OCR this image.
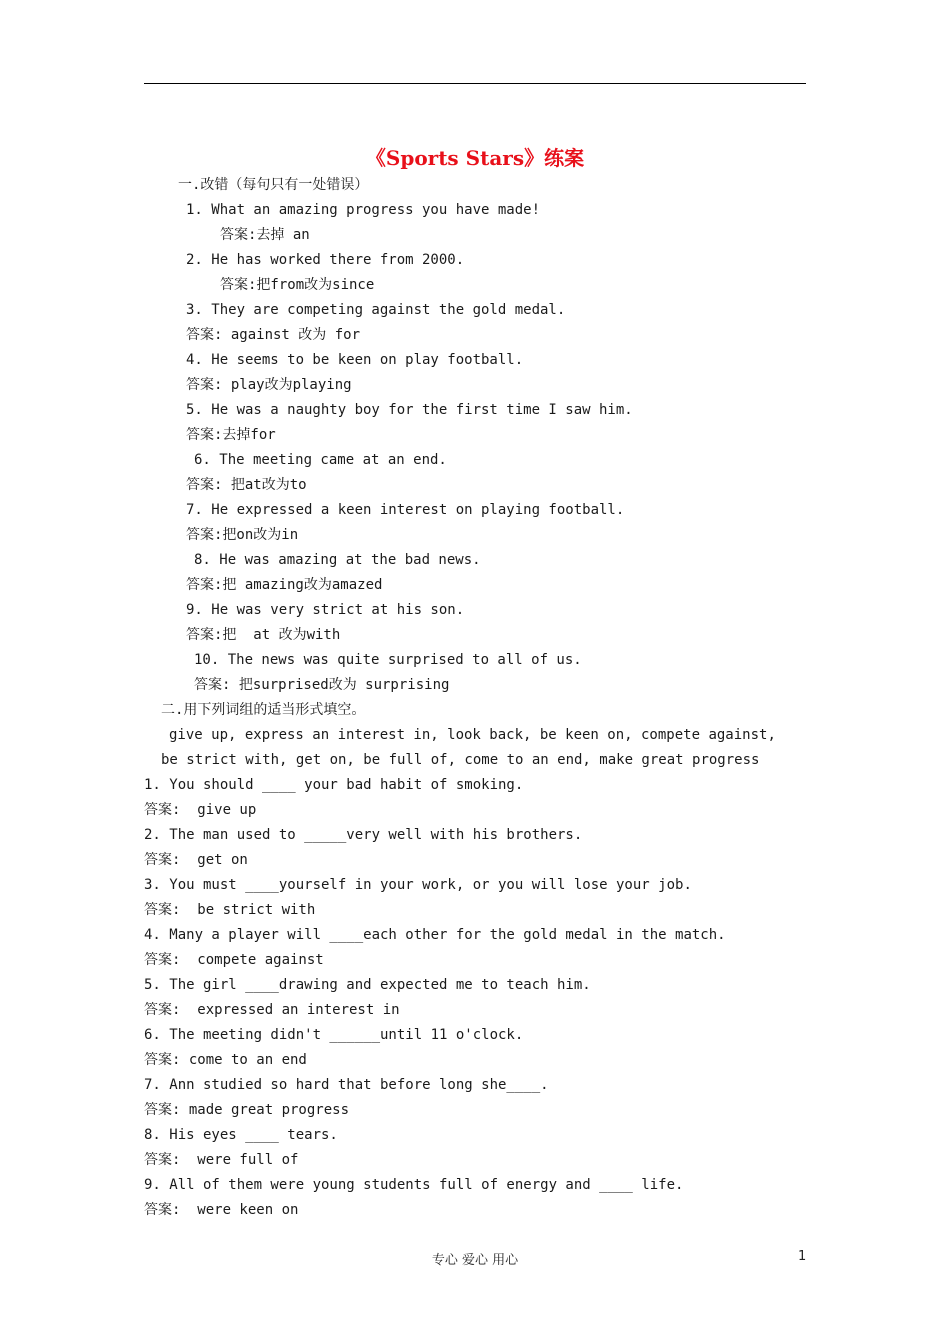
《Sports Stars》练案
一.改错（每句只有一处错误）
1. What an amazing progress you have made!
答案:去掉 an
2. He has worked there from 2000.
答案:把from改为since
3. They are competing against the gold medal.
答案: against 改为 for
4. He seems to be keen on play football.
答案: play改为playing
5. He was a naughty boy for the first time I saw him.
答案:去掉for
6. The meeting came at an end.
答案: 把at改为to
7. He expressed a keen interest on playing football.
答案:把on改为in
8. He was amazing at the bad news.
答案:把 amazing改为amazed
9. He was very strict at his son.
答案:把  at 改为with
10. The news was quite surprised to all of us.
答案: 把surprised改为 surprising
二.用下列词组的适当形式填空。
give up, express an interest in, look back, be keen on, compete against,
be strict with, get on, be full of, come to an end, make great progress
1. You should ____ your bad habit of smoking.
答案:  give up
2. The man used to _____very well with his brothers.
答案:  get on
3. You must ____yourself in your work, or you will lose your job.
答案:  be strict with
4. Many a player will ____each other for the gold medal in the match.
答案:  compete against
5. The girl ____drawing and expected me to teach him.
答案:  expressed an interest in
6. The meeting didn't ______until 11 o'clock.
答案: come to an end
7. Ann studied so hard that before long she____.
答案: made great progress
8. His eyes ____ tears.
答案:  were full of
9. All of them were young students full of energy and ____ life.
答案:  were keen on
专心 爱心 用心	1
